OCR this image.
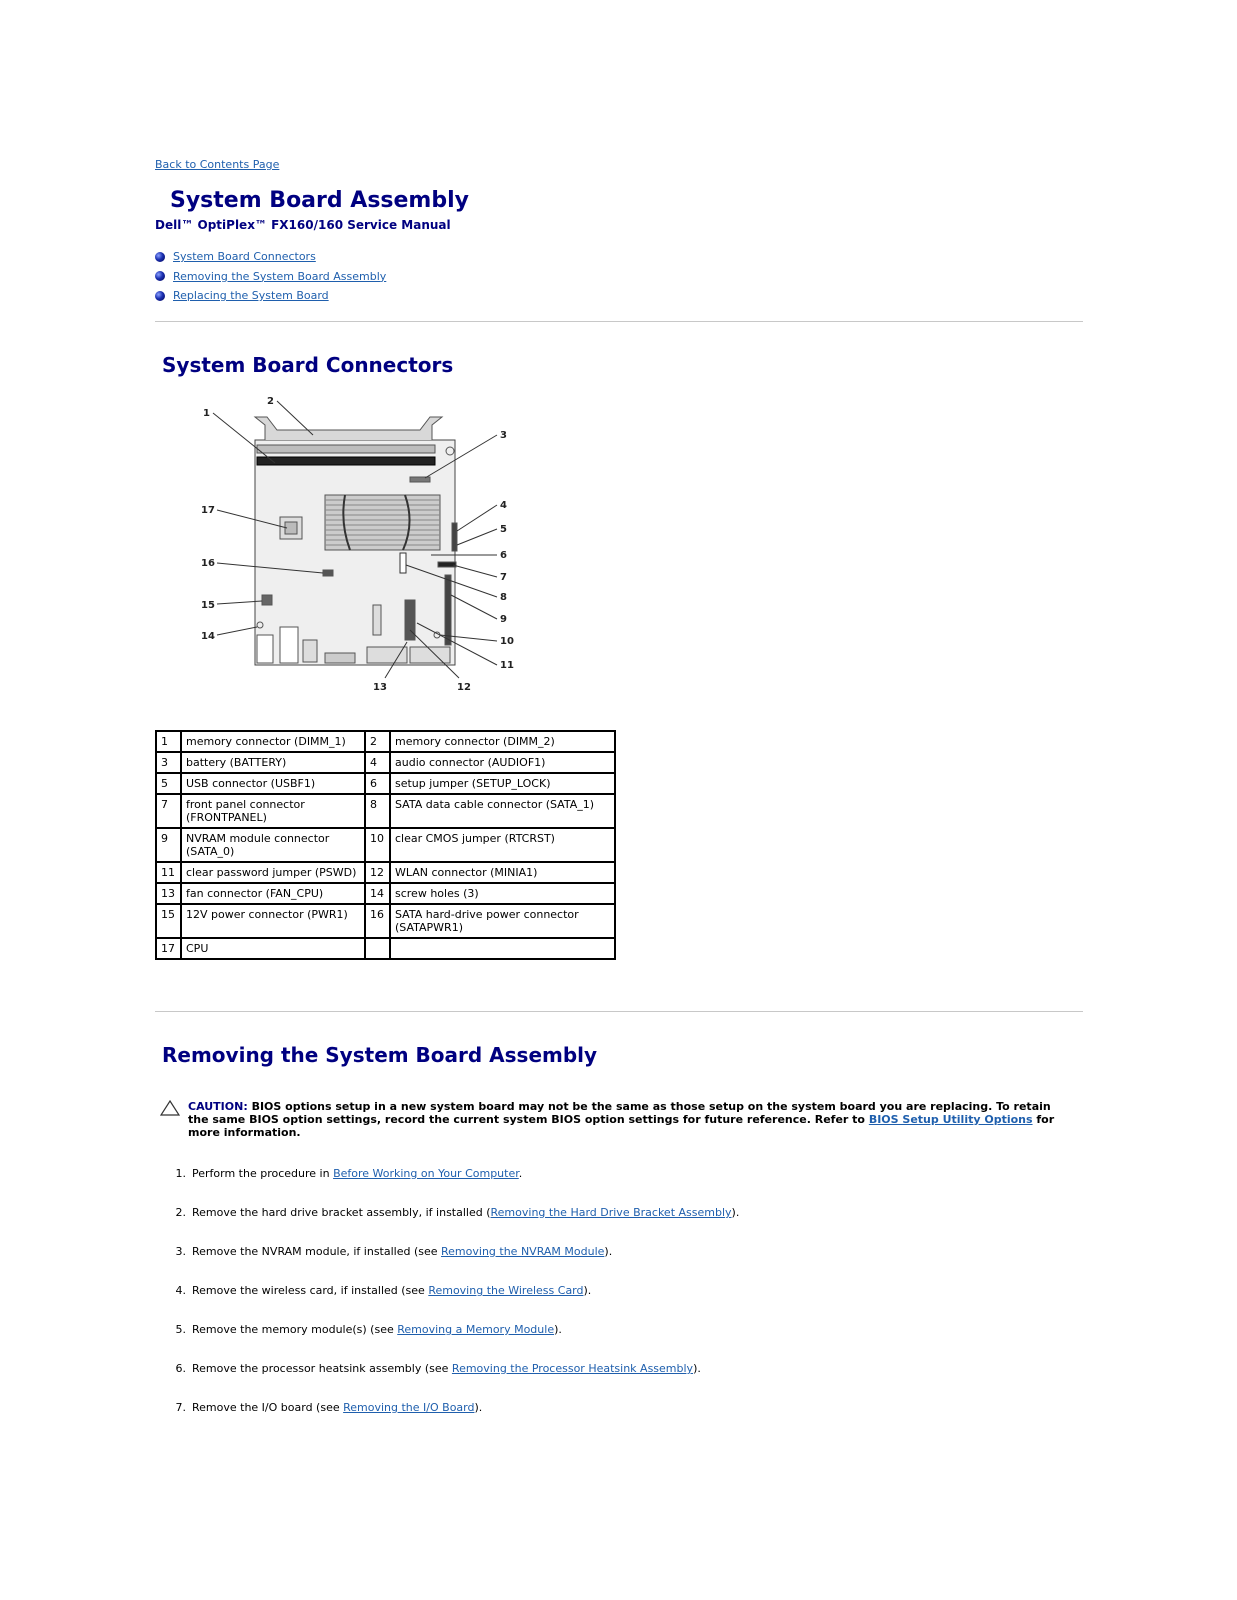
Back to Contents Page
System Board Assembly
Dell™ OptiPlex™ FX160/160 Service Manual
System Board Connectors
Removing the System Board Assembly
Replacing the System Board
System Board Connectors
1
2
3
4
5
6
7
8
9
10
11
12
13
14
15
16
17
1	memory connector (DIMM_1)	2	memory connector (DIMM_2)
3	battery (BATTERY)	4	audio connector (AUDIOF1)
5	USB connector (USBF1)	6	setup jumper (SETUP_LOCK)
7	front panel connector (FRONTPANEL)	8	SATA data cable connector (SATA_1)
9	NVRAM module connector (SATA_0)	10	clear CMOS jumper (RTCRST)
11	clear password jumper (PSWD)	12	WLAN connector (MINIA1)
13	fan connector (FAN_CPU)	14	screw holes (3)
15	12V power connector (PWR1)	16	SATA hard-drive power connector (SATAPWR1)
17	CPU		
Removing the System Board Assembly
CAUTION: BIOS options setup in a new system board may not be the same as those setup on the system board you are replacing. To retain the same BIOS option settings, record the current system BIOS option settings for future reference. Refer to BIOS Setup Utility Options for more information.
1. Perform the procedure in Before Working on Your Computer.
2. Remove the hard drive bracket assembly, if installed (Removing the Hard Drive Bracket Assembly).
3. Remove the NVRAM module, if installed (see Removing the NVRAM Module).
4. Remove the wireless card, if installed (see Removing the Wireless Card).
5. Remove the memory module(s) (see Removing a Memory Module).
6. Remove the processor heatsink assembly (see Removing the Processor Heatsink Assembly).
7. Remove the I/O board (see Removing the I/O Board).
